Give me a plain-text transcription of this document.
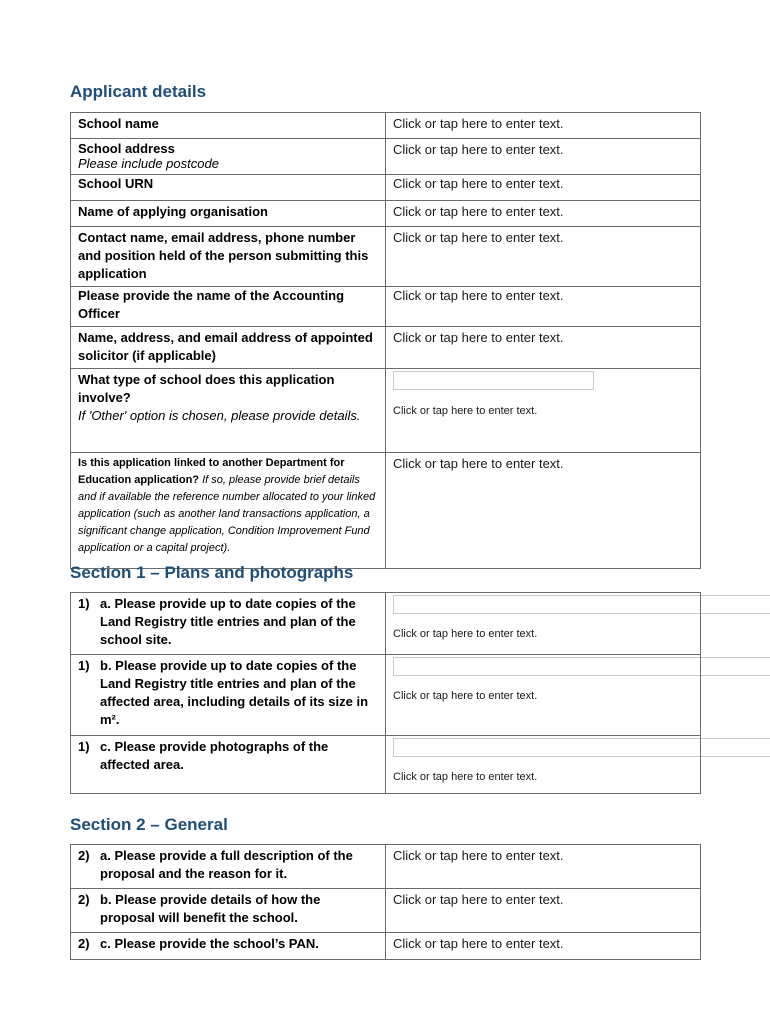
Applicant details
School name	Click or tap here to enter text.

School address
Please include postcode	Click or tap here to enter text.

School URN	Click or tap here to enter text.

Name of applying organisation	Click or tap here to enter text.

Contact name, email address, phone number and position held of the person submitting this application	Click or tap here to enter text.

Please provide the name of the Accounting Officer	Click or tap here to enter text.

Name, address, and email address of appointed solicitor (if applicable)	Click or tap here to enter text.

What type of school does this application involve?
If 'Other' option is chosen, please provide details.	Click or tap here to enter text.

Is this application linked to another Department for Education application? If so, please provide brief details and if available the reference number allocated to your linked application (such as another land transactions application, a significant change application, Condition Improvement Fund application or a capital project).	Click or tap here to enter text.
Section 1 – Plans and photographs
1) a. Please provide up to date copies of the Land Registry title entries and plan of the school site.	Click or tap here to enter text.

1) b. Please provide up to date copies of the Land Registry title entries and plan of the affected area, including details of its size in m².	Click or tap here to enter text.

1) c. Please provide photographs of the affected area.	Click or tap here to enter text.
Section 2 – General
2) a. Please provide a full description of the proposal and the reason for it.	Click or tap here to enter text.

2) b. Please provide details of how the proposal will benefit the school.	Click or tap here to enter text.

2) c. Please provide the school’s PAN.	Click or tap here to enter text.
